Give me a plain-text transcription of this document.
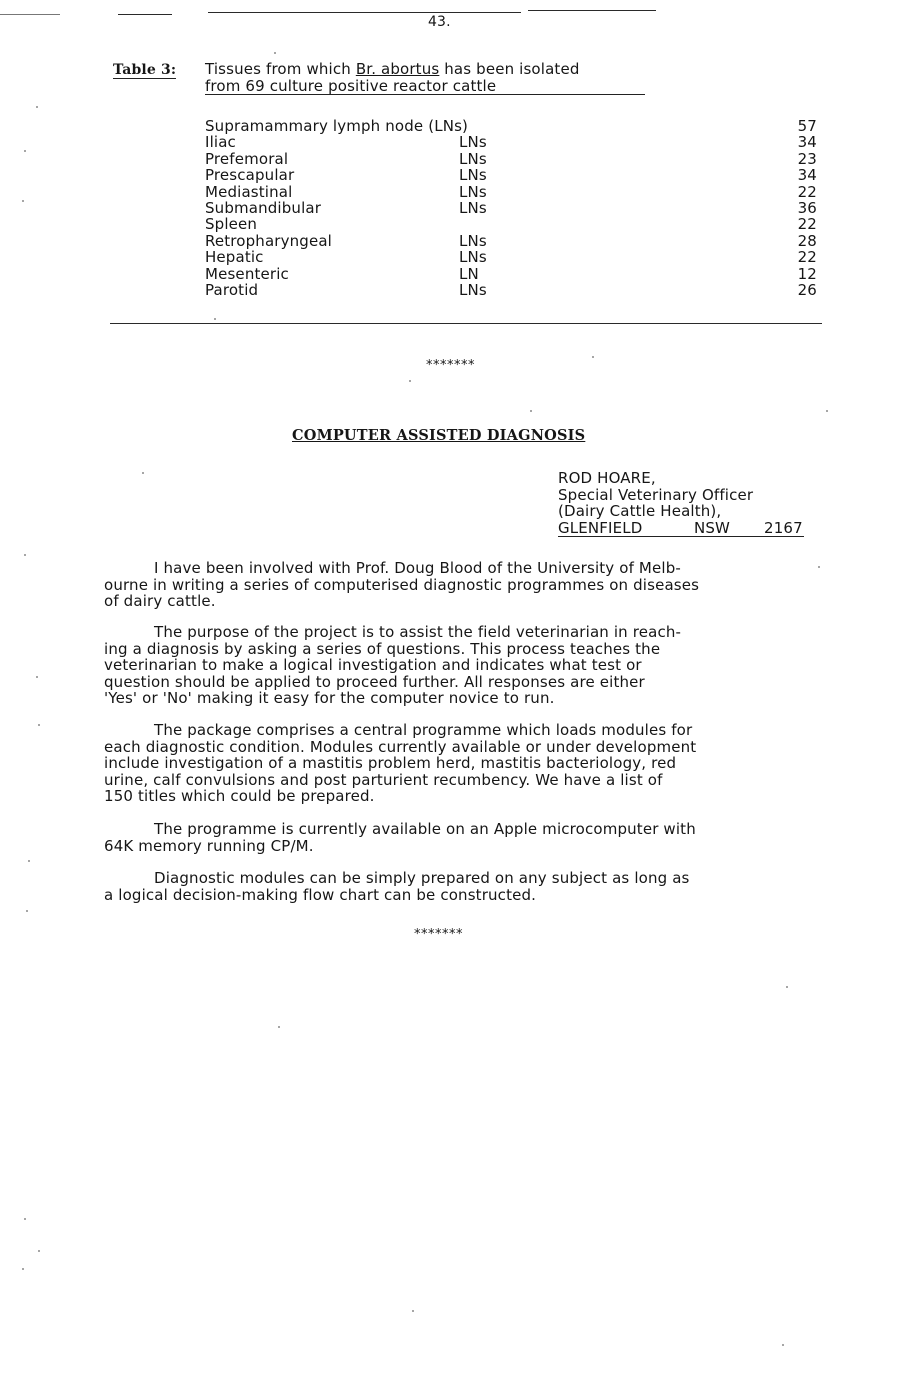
43.
Table 3: Tissues from which Br. abortus has been isolated
from 69 culture positive reactor cattle
Supramammary lymph node (LNs)	57
Iliac	LNs	34
Prefemoral	LNs	23
Prescapular	LNs	34
Mediastinal	LNs	22
Submandibular	LNs	36
Spleen	22
Retropharyngeal	LNs	28
Hepatic	LNs	22
Mesenteric	LN	12
Parotid	LNs	26
*******
COMPUTER ASSISTED DIAGNOSIS
ROD HOARE,
Special Veterinary Officer
(Dairy Cattle Health),
GLENFIELD	NSW 2167
I have been involved with Prof. Doug Blood of the University of Melb-
ourne in writing a series of computerised diagnostic programmes on diseases
of dairy cattle.
The purpose of the project is to assist the field veterinarian in reach-
ing a diagnosis by asking a series of questions. This process teaches the
veterinarian to make a logical investigation and indicates what test or
question should be applied to proceed further. All responses are either
'Yes' or 'No' making it easy for the computer novice to run.
The package comprises a central programme which loads modules for
each diagnostic condition. Modules currently available or under development
include investigation of a mastitis problem herd, mastitis bacteriology, red
urine, calf convulsions and post parturient recumbency. We have a list of
150 titles which could be prepared.
The programme is currently available on an Apple microcomputer with
64K memory running CP/M.
Diagnostic modules can be simply prepared on any subject as long as
a logical decision-making flow chart can be constructed.
*******
